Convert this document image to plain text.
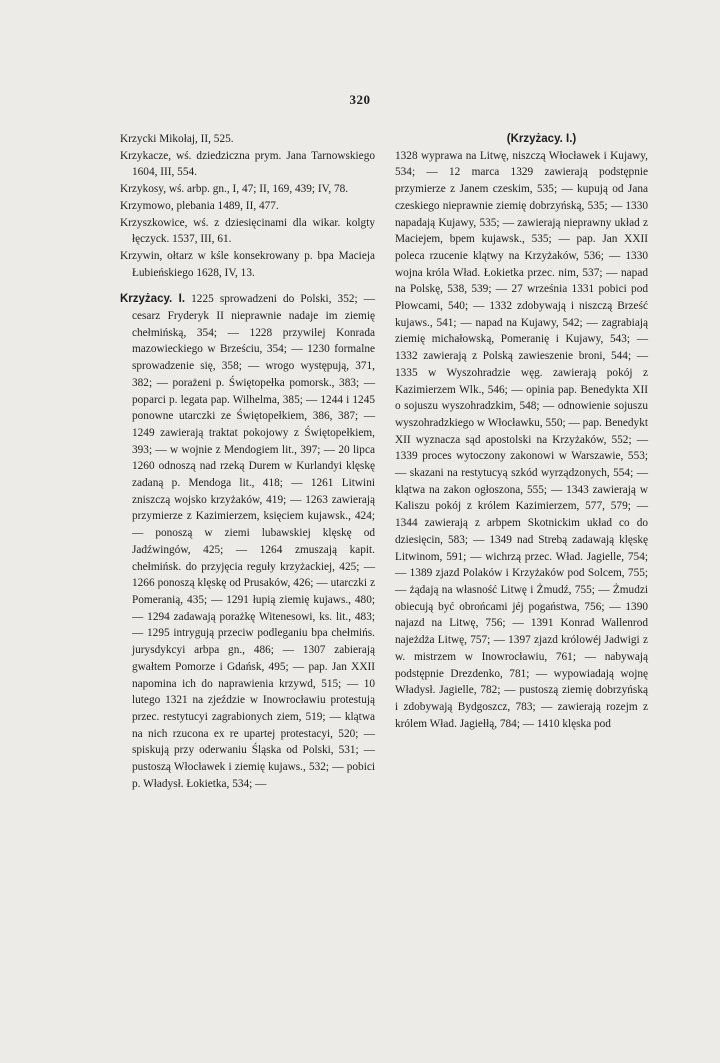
320

Krzycki Mikołaj, II, 525.

Krzykacze, wś. dziedziczna prym. Jana Tarnowskiego 1604, III, 554.

Krzykosy, wś. arbp. gn., I, 47; II, 169, 439; IV, 78.

Krzymowo, plebania 1489, II, 477.

Krzyszkowice, wś. z dziesięcinami dla wikar. kolgty łęczyck. 1537, III, 61.

Krzywin, ołtarz w kśle konsekrowany p. bpa Macieja Łubieńskiego 1628, IV, 13.

Krzyżacy. I. 1225 sprowadzeni do Polski, 352; — cesarz Fryderyk II nieprawnie nadaje im ziemię chełmińską, 354; — 1228 przywilej Konrada mazowieckiego w Brześciu, 354; — 1230 formalne sprowadzenie się, 358; — wrogo występują, 371, 382; — porażeni p. Świętopełka pomorsk., 383; — poparci p. legata pap. Wilhelma, 385; — 1244 i 1245 ponowne utarczki ze Świętopełkiem, 386, 387; — 1249 zawierają traktat pokojowy z Świętopełkiem, 393; — w wojnie z Mendogiem lit., 397; — 20 lipca 1260 odnoszą nad rzeką Durem w Kurlandyi klęskę zadaną p. Mendoga lit., 418; — 1261 Litwini zniszczą wojsko krzyżaków, 419; — 1263 zawierają przymierze z Kazimierzem, księciem kujawsk., 424; — ponoszą w ziemi lubawskiej klęskę od Jadźwingów, 425; — 1264 zmuszają kapit. chełmińsk. do przyjęcia reguły krzyżackiej, 425; — 1266 ponoszą klęskę od Prusaków, 426; — utarczki z Pomeranią, 435; — 1291 łupią ziemię kujaws., 480; — 1294 zadawają porażkę Witenesowi, ks. lit., 483; — 1295 intrygują przeciw podleganiu bpa chełmińs. jurysdykcyi arbpa gn., 486; — 1307 zabierają gwałtem Pomorze i Gdańsk, 495; — pap. Jan XXII napomina ich do naprawienia krzywd, 515; — 10 lutego 1321 na zjeździe w Inowrocławiu protestują przec. restytucyi zagrabionych ziem, 519; — klątwa na nich rzucona ex re upartej protestacyi, 520; — spiskują przy oderwaniu Śląska od Polski, 531; — pustoszą Włocławek i ziemię kujaws., 532; — pobici p. Władysł. Łokietka, 534; —

(Krzyżacy. I.)

1328 wyprawa na Litwę, niszczą Włocławek i Kujawy, 534; — 12 marca 1329 zawierają podstępnie przymierze z Janem czeskim, 535; — kupują od Jana czeskiego nieprawnie ziemię dobrzyńską, 535; — 1330 napadają Kujawy, 535; — zawierają nieprawny układ z Maciejem, bpem kujawsk., 535; — pap. Jan XXII poleca rzucenie klątwy na Krzyżaków, 536; — 1330 wojna króla Wład. Łokietka przec. nim, 537; — napad na Polskę, 538, 539; — 27 września 1331 pobici pod Płowcami, 540; — 1332 zdobywają i niszczą Brześć kujaws., 541; — napad na Kujawy, 542; — zagrabiają ziemię michałowską, Pomeranię i Kujawy, 543; — 1332 zawierają z Polską zawieszenie broni, 544; — 1335 w Wyszohradzie węg. zawierają pokój z Kazimierzem Wlk., 546; — opinia pap. Benedykta XII o sojuszu wyszohradzkim, 548; — odnowienie sojuszu wyszohradzkiego w Włocławku, 550; — pap. Benedykt XII wyznacza sąd apostolski na Krzyżaków, 552; — 1339 proces wytoczony zakonowi w Warszawie, 553; — skazani na restytucyą szkód wyrządzonych, 554; — klątwa na zakon ogłoszona, 555; — 1343 zawierają w Kaliszu pokój z królem Kazimierzem, 577, 579; — 1344 zawierają z arbpem Skotnickim układ co do dziesięcin, 583; — 1349 nad Strebą zadawają klęskę Litwinom, 591; — wichrzą przec. Wład. Jagielle, 754; — 1389 zjazd Polaków i Krzyżaków pod Solcem, 755; — żądają na własność Litwę i Żmudź, 755; — Żmudzi obiecują być obrońcami jéj pogaństwa, 756; — 1390 najazd na Litwę, 756; — 1391 Konrad Wallenrod najeżdża Litwę, 757; — 1397 zjazd królowéj Jadwigi z w. mistrzem w Inowrocławiu, 761; — nabywają podstępnie Drezdenko, 781; — wypowiadają wojnę Władysł. Jagielle, 782; — pustoszą ziemię dobrzyńską i zdobywają Bydgoszcz, 783; — zawierają rozejm z królem Wład. Jagiełłą, 784; — 1410 klęska pod
